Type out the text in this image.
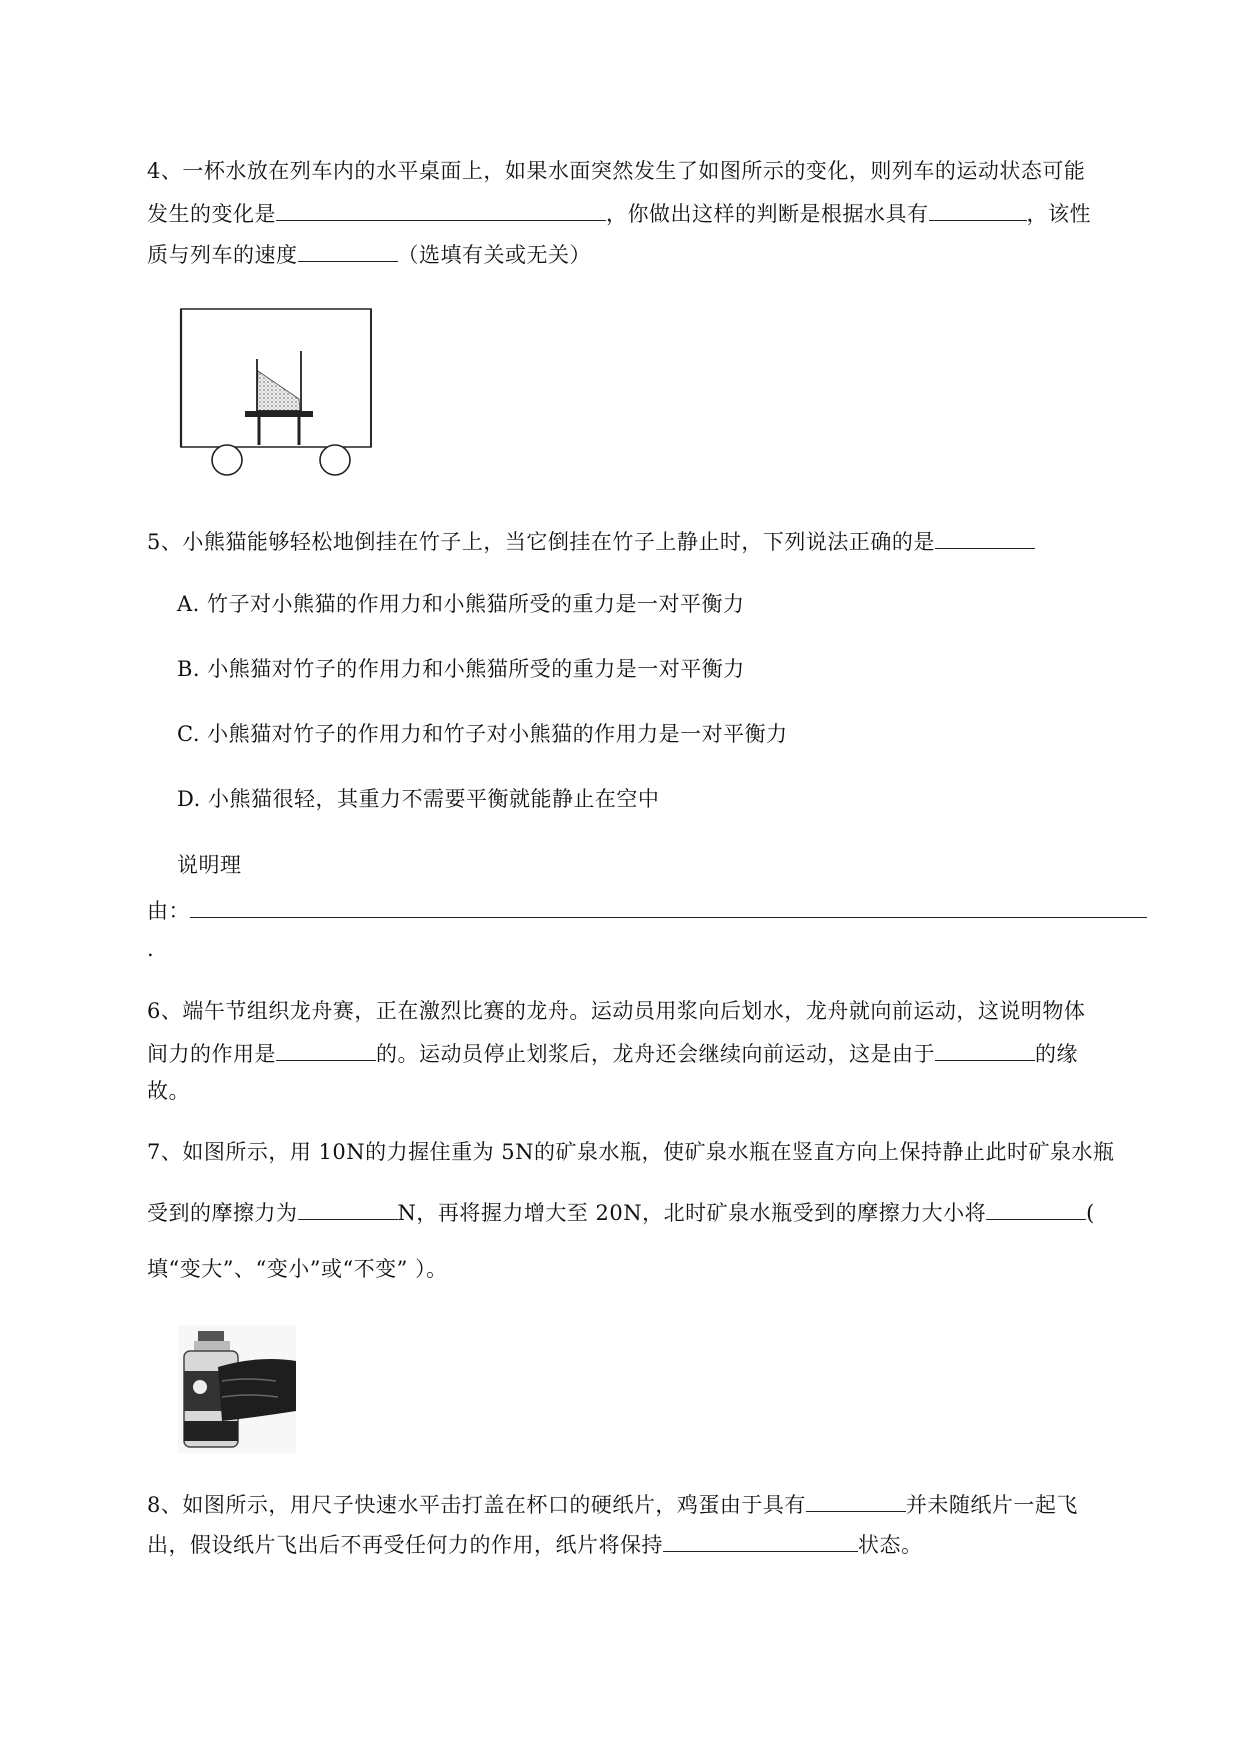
4、一杯水放在列车内的水平桌面上，如果水面突然发生了如图所示的变化，则列车的运动状态可能
发生的变化是	，你做出这样的判断是根据水具有	，该性
质与列车的速度	（选填有关或无关）
5、小熊猫能够轻松地倒挂在竹子上，当它倒挂在竹子上静止时，下列说法正确的是
A. 竹子对小熊猫的作用力和小熊猫所受的重力是一对平衡力
B. 小熊猫对竹子的作用力和小熊猫所受的重力是一对平衡力
C. 小熊猫对竹子的作用力和竹子对小熊猫的作用力是一对平衡力
D. 小熊猫很轻，其重力不需要平衡就能静止在空中
说明理
由：
.
6、端午节组织龙舟赛，正在激烈比赛的龙舟。运动员用浆向后划水，龙舟就向前运动，这说明物体
间力的作用是	的。运动员停止划浆后，龙舟还会继续向前运动，这是由于	的缘
故。
7、如图所示，用 10N的力握住重为 5N的矿泉水瓶，使矿泉水瓶在竖直方向上保持静止此时矿泉水瓶
受到的摩擦力为	N，再将握力增大至 20N，北时矿泉水瓶受到的摩擦力大小将	(
填“变大”、“变小”或“不变” ）。
8、如图所示，用尺子快速水平击打盖在杯口的硬纸片，鸡蛋由于具有	并未随纸片一起飞
出，假设纸片飞出后不再受任何力的作用，纸片将保持	状态。
